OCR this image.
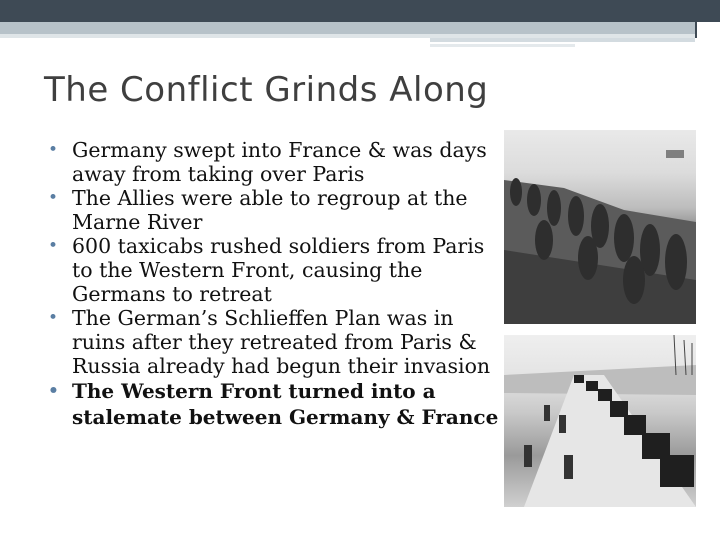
The Conflict Grinds Along
• Germany swept into France & was days away from taking over Paris
• The Allies were able to regroup at the Marne River
• 600 taxicabs rushed soldiers from Paris to the Western Front, causing the Germans to retreat
• The German’s Schlieffen Plan was in ruins after they retreated from Paris & Russia already had begun their invasion
• The Western Front turned into a stalemate between Germany & France
